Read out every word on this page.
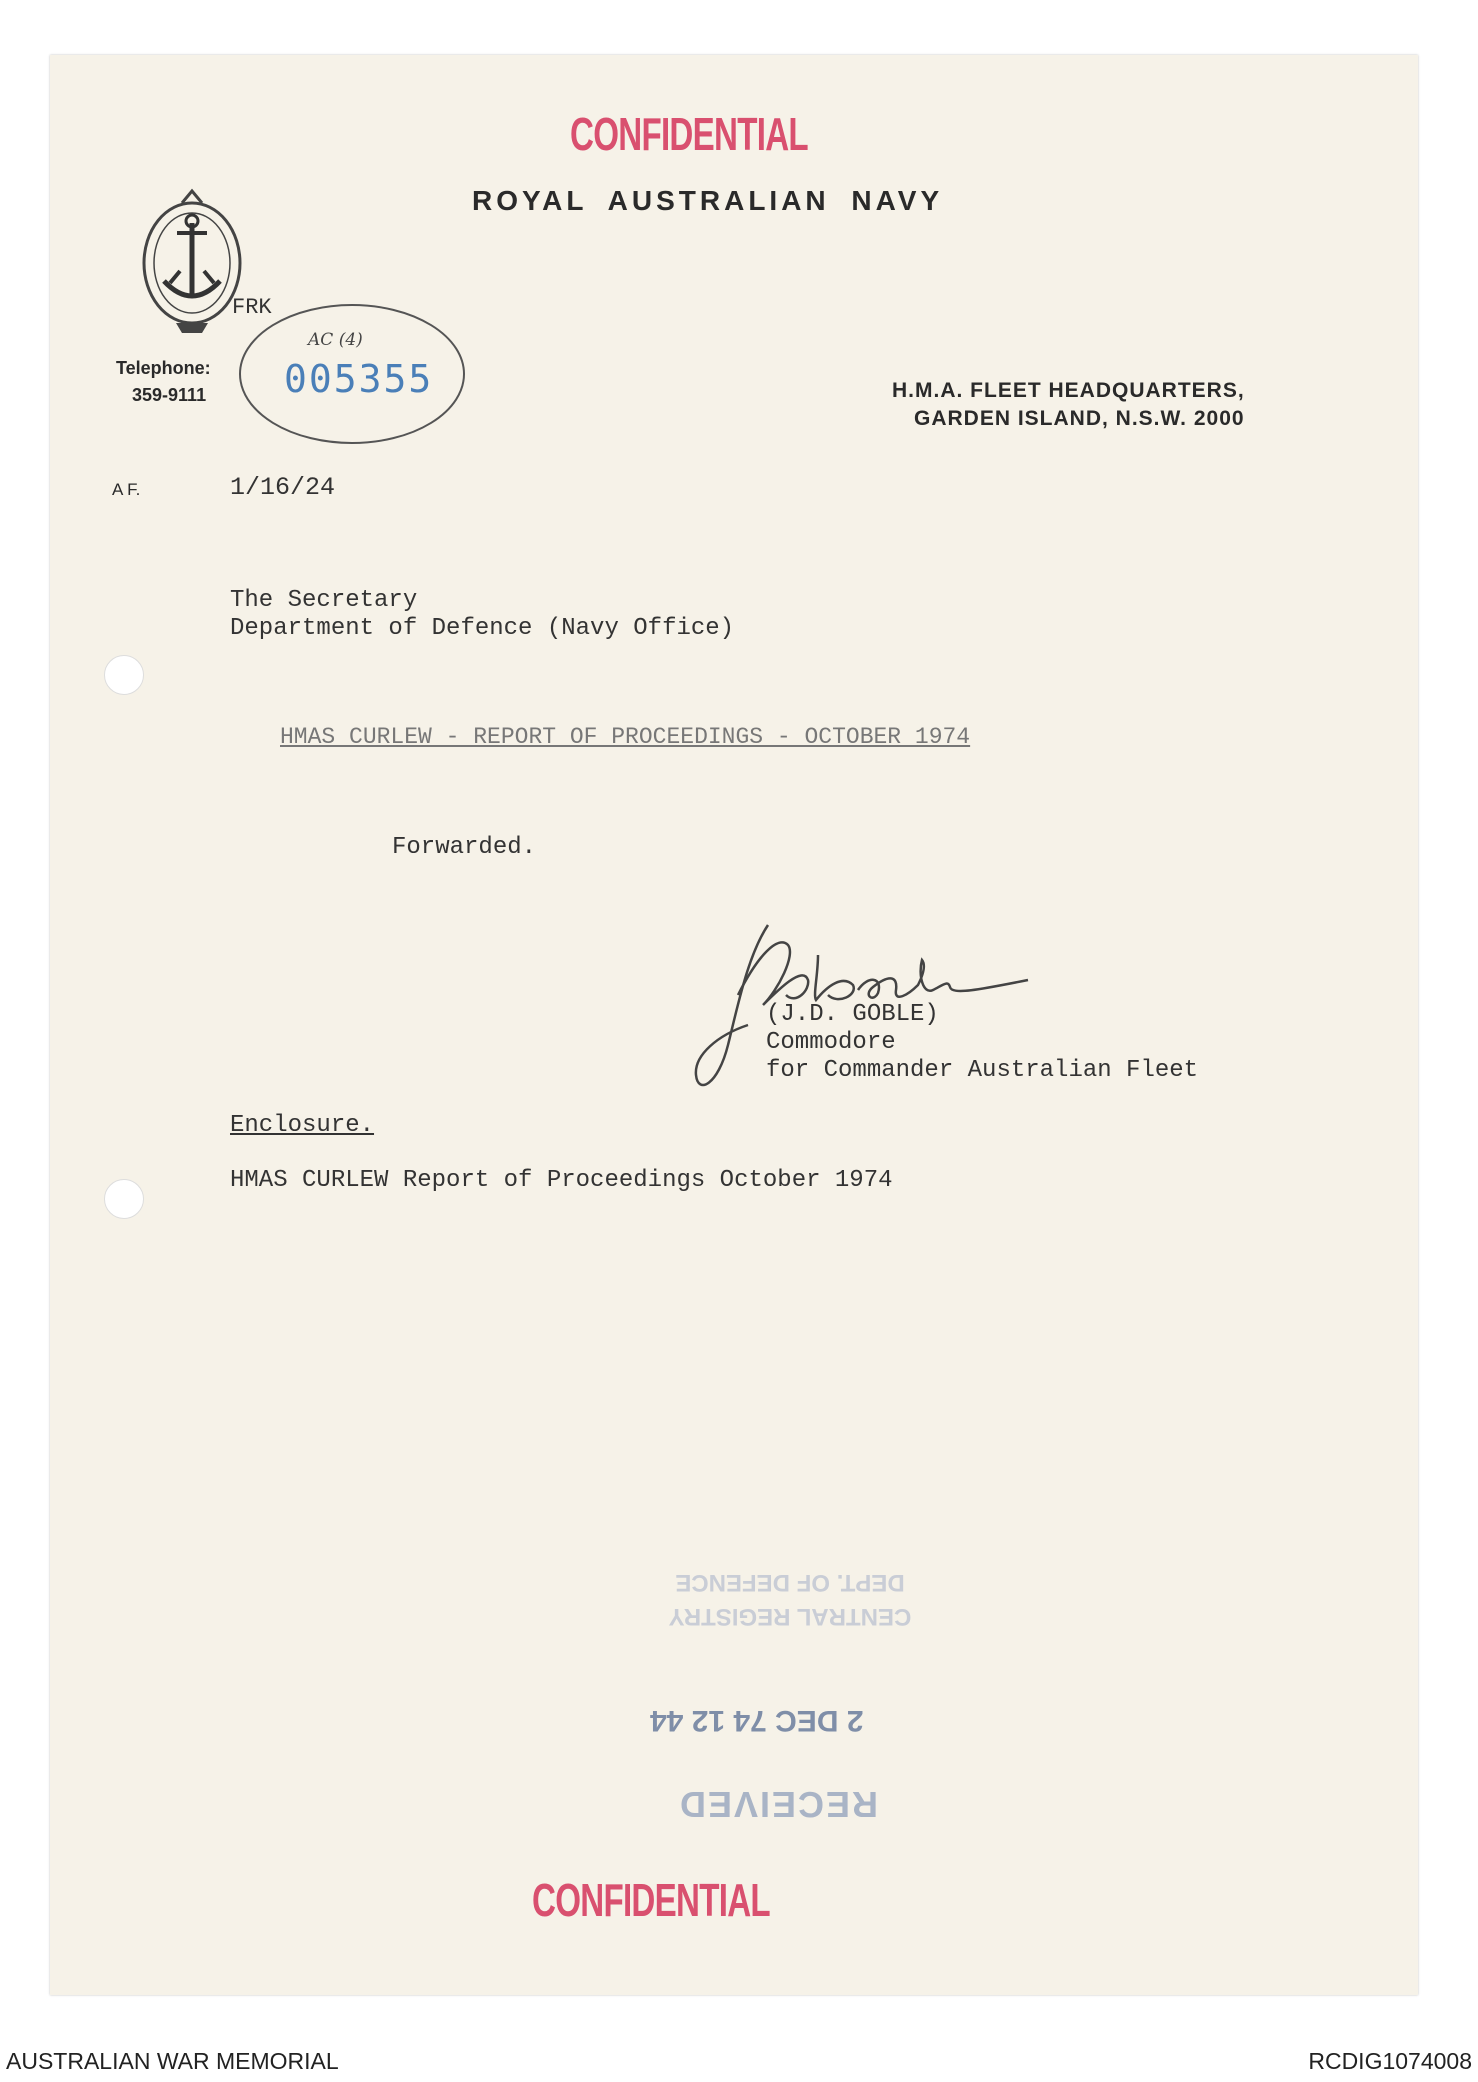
CONFIDENTIAL
ROYAL AUSTRALIAN NAVY
FRK
Telephone:
359-9111
AC (4)
005355	H.M.A. FLEET HEADQUARTERS,
GARDEN ISLAND, N.S.W. 2000
A F.	1/16/24
The Secretary
Department of Defence (Navy Office)
HMAS CURLEW - REPORT OF PROCEEDINGS - OCTOBER 1974
Forwarded.
(J.D. GOBLE)
Commodore
for Commander Australian Fleet
Enclosure.
HMAS CURLEW Report of Proceedings October 1974
CENTRAL REGISTRY
DEPT. OF DEFENCE
2 DEC 74 12 44
RECEIVED
CONFIDENTIAL
AUSTRALIAN WAR MEMORIAL	RCDIG1074008
